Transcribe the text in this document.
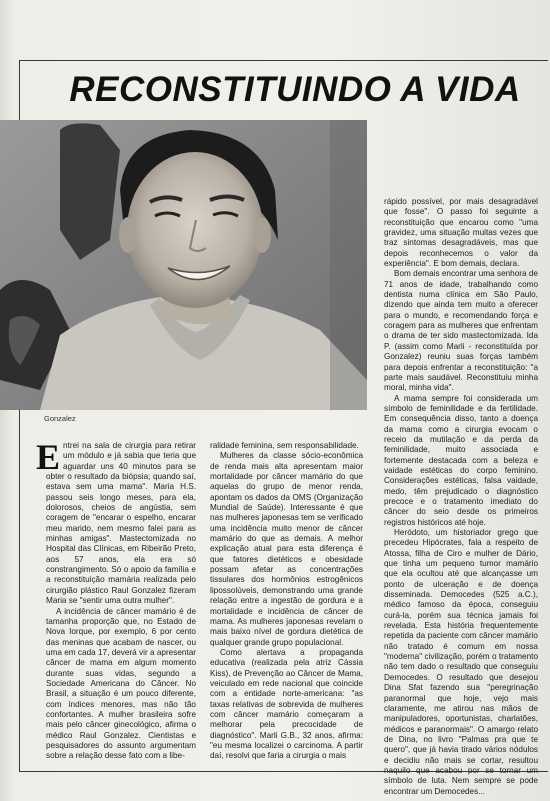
RECONSTITUINDO A VIDA
Gonzalez

Entrei na sala de cirurgia para retirar um módulo e já sabia que teria que aguardar uns 40 minutos para se obter o resultado da biópsia; quando saí, estava sem uma mama". Maria H.S. passou seis longo meses, para ela, dolorosos, cheios de angústia, sem coragem de "encarar o espelho, encarar meu marido, nem mesmo falei para as minhas amigas". Mastectomizada no Hospital das Clínicas, em Ribeirão Preto, aos 57 anos, ela era só constrangimento. Só o apoio da família e a reconstituição mamária realizada pelo cirurgião plástico Raul Gonzalez fizeram Maria se "sentir uma outra mulher".

A incidência de câncer mamário é de tamanha proporção que, no Estado de Nova Iorque, por exemplo, 6 por cento das meninas que acabam de nascer, ou uma em cada 17, deverá vir a apresentar câncer de mama em algum momento durante suas vidas, segundo a Sociedade Americana do Câncer. No Brasil, a situação é um pouco diferente, com índices menores, mas não tão confortantes. A mulher brasileira sofre mais pelo câncer ginecológico, afirma o médico Raul Gonzalez. Cientistas e pesquisadores do assunto argumentam sobre a relação desse fato com a libe-

ralidade feminina, sem responsabilidade.

Mulheres da classe sócio-econômica de renda mais alta apresentam maior mortalidade por câncer mamário do que aquelas do grupo de menor renda, apontam os dados da OMS (Organização Mundial de Saúde). Interessante é que nas mulheres japonesas tem se verificado uma incidência muito menor de câncer mamário do que as demais. A melhor explicação atual para esta diferença é que fatores dietéticos e obesidade possam afetar as concentrações tissulares dos hormônios estrogênicos lipossolúveis, demonstrando uma grande relação entre a ingestão de gordura e a mortalidade e incidência de câncer de mama. As mulheres japonesas revelam o mais baixo nível de gordura dietética de qualquer grande grupo populacional.

Como alertava a propaganda educativa (realizada pela atriz Cássia Kiss), de Prevenção ao Câncer de Mama, veiculado em rede nacional que coincide com a entidade norte-americana: "as taxas relativas de sobrevida de mulheres com câncer mamário começaram a melhorar pela precocidade de diagnóstico". Marli G.B., 32 anos, afirma: "eu mesma localizei o carcinoma. A partir daí, resolvi que faria a cirurgia o mais

rápido possível, por mais desagradável que fosse". O passo foi seguinte a reconstituição que encarou como "uma gravidez, uma situação muitas vezes que traz sintomas desagradáveis, mas que depois reconhecemos o valor da experiência". E bom demais, declara.

Bom demais encontrar uma senhora de 71 anos de idade, trabalhando como dentista numa clínica em São Paulo, dizendo que ainda tem muito a oferecer para o mundo, e recomendando força e coragem para as mulheres que enfrentam o drama de ter sido mastectomizada. Ida P. (assim como Marli - reconstituída por Gonzalez) reuniu suas forças também para depois enfrentar a reconstituição: "a parte mais saudável. Reconstituiu minha moral, minha vida".

A mama sempre foi considerada um símbolo de feminilidade e da fertilidade. Em consequência disso, tanto a doença da mama como a cirurgia evocam o receio da mutilação e da perda da feminilidade, muito associada e fortemente destacada com a beleza e vaidade estéticas do corpo feminino. Considerações estéticas, falsa vaidade, medo, têm prejudicado o diagnóstico precoce e o tratamento imediato do câncer do seio desde os primeiros registros históricos até hoje.

Heródoto, um historiador grego que precedeu Hipócrates, fala a respeito de Atossa, filha de Ciro e mulher de Dário, que tinha um pequeno tumor mamário que ela ocultou até que alcançasse um ponto de ulceração e de doença disseminada. Democedes (525 a.C.), médico famoso da época, conseguiu curá-la, porém sua técnica jamais foi revelada. Esta história frequentemente repetida da paciente com câncer mamário não tratado é comum em nossa "moderna" civilização, porém o tratamento não tem dado o resultado que conseguiu Democedes. O resultado que desejou Dina Sfat fazendo sua "peregrinação paranormal que hoje, vejo mais claramente, me atirou nas mãos de manipuladores, oportunistas, charlatões, médicos e paranormais". O amargo relato de Dina, no livro "Palmas pra que te quero", que já havia tirado vários nódulos e decidiu não mais se cortar, resultou naquilo que acabou por se tornar um símbolo de luta. Nem sempre se pode encontrar um Democedes...
